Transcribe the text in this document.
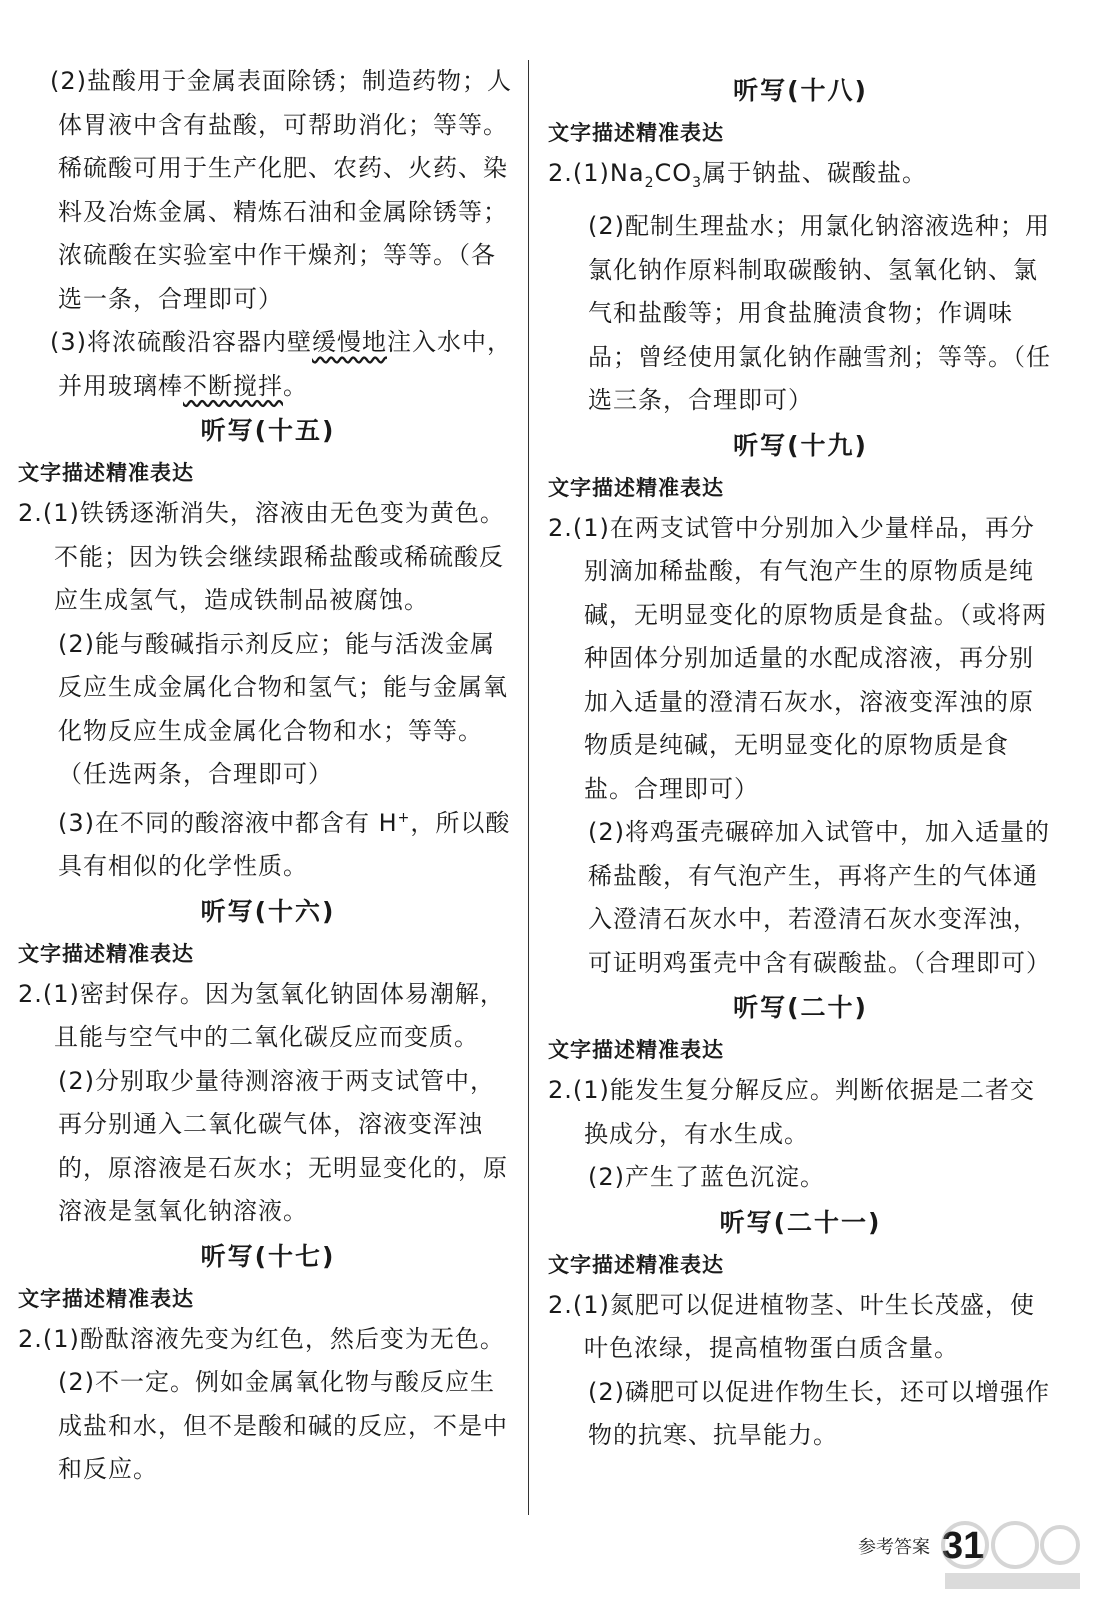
(2)盐酸用于金属表面除锈；制造药物；人体胃液中含有盐酸，可帮助消化；等等。稀硫酸可用于生产化肥、农药、火药、染料及冶炼金属、精炼石油和金属除锈等；浓硫酸在实验室中作干燥剂；等等。（各选一条，合理即可）

(3)将浓硫酸沿容器内壁缓慢地注入水中，并用玻璃棒不断搅拌。

听写(十五)

文字描述精准表达

2.(1)铁锈逐渐消失，溶液由无色变为黄色。不能；因为铁会继续跟稀盐酸或稀硫酸反应生成氢气，造成铁制品被腐蚀。

(2)能与酸碱指示剂反应；能与活泼金属反应生成金属化合物和氢气；能与金属氧化物反应生成金属化合物和水；等等。（任选两条，合理即可）

(3)在不同的酸溶液中都含有 H+，所以酸具有相似的化学性质。

听写(十六)

文字描述精准表达

2.(1)密封保存。因为氢氧化钠固体易潮解，且能与空气中的二氧化碳反应而变质。

(2)分别取少量待测溶液于两支试管中，再分别通入二氧化碳气体，溶液变浑浊的，原溶液是石灰水；无明显变化的，原溶液是氢氧化钠溶液。

听写(十七)

文字描述精准表达

2.(1)酚酞溶液先变为红色，然后变为无色。

(2)不一定。例如金属氧化物与酸反应生成盐和水，但不是酸和碱的反应，不是中和反应。

听写(十八)

文字描述精准表达

$2.(1)Na_2CO_3$属于钠盐、碳酸盐。

(2)配制生理盐水；用氯化钠溶液选种；用氯化钠作原料制取碳酸钠、氢氧化钠、氯气和盐酸等；用食盐腌渍食物；作调味品；曾经使用氯化钠作融雪剂；等等。（任选三条，合理即可）

听写(十九)

文字描述精准表达

2.(1)在两支试管中分别加入少量样品，再分别滴加稀盐酸，有气泡产生的原物质是纯碱，无明显变化的原物质是食盐。（或将两种固体分别加适量的水配成溶液，再分别加入适量的澄清石灰水，溶液变浑浊的原物质是纯碱，无明显变化的原物质是食盐。合理即可）

(2)将鸡蛋壳碾碎加入试管中，加入适量的稀盐酸，有气泡产生，再将产生的气体通入澄清石灰水中，若澄清石灰水变浑浊，可证明鸡蛋壳中含有碳酸盐。（合理即可）

听写(二十)

文字描述精准表达

2.(1)能发生复分解反应。判断依据是二者交换成分，有水生成。

(2)产生了蓝色沉淀。

听写(二十一)

文字描述精准表达

2.(1)氮肥可以促进植物茎、叶生长茂盛，使叶色浓绿，提高植物蛋白质含量。

(2)磷肥可以促进作物生长，还可以增强作物的抗寒、抗旱能力。

参考答案 31
